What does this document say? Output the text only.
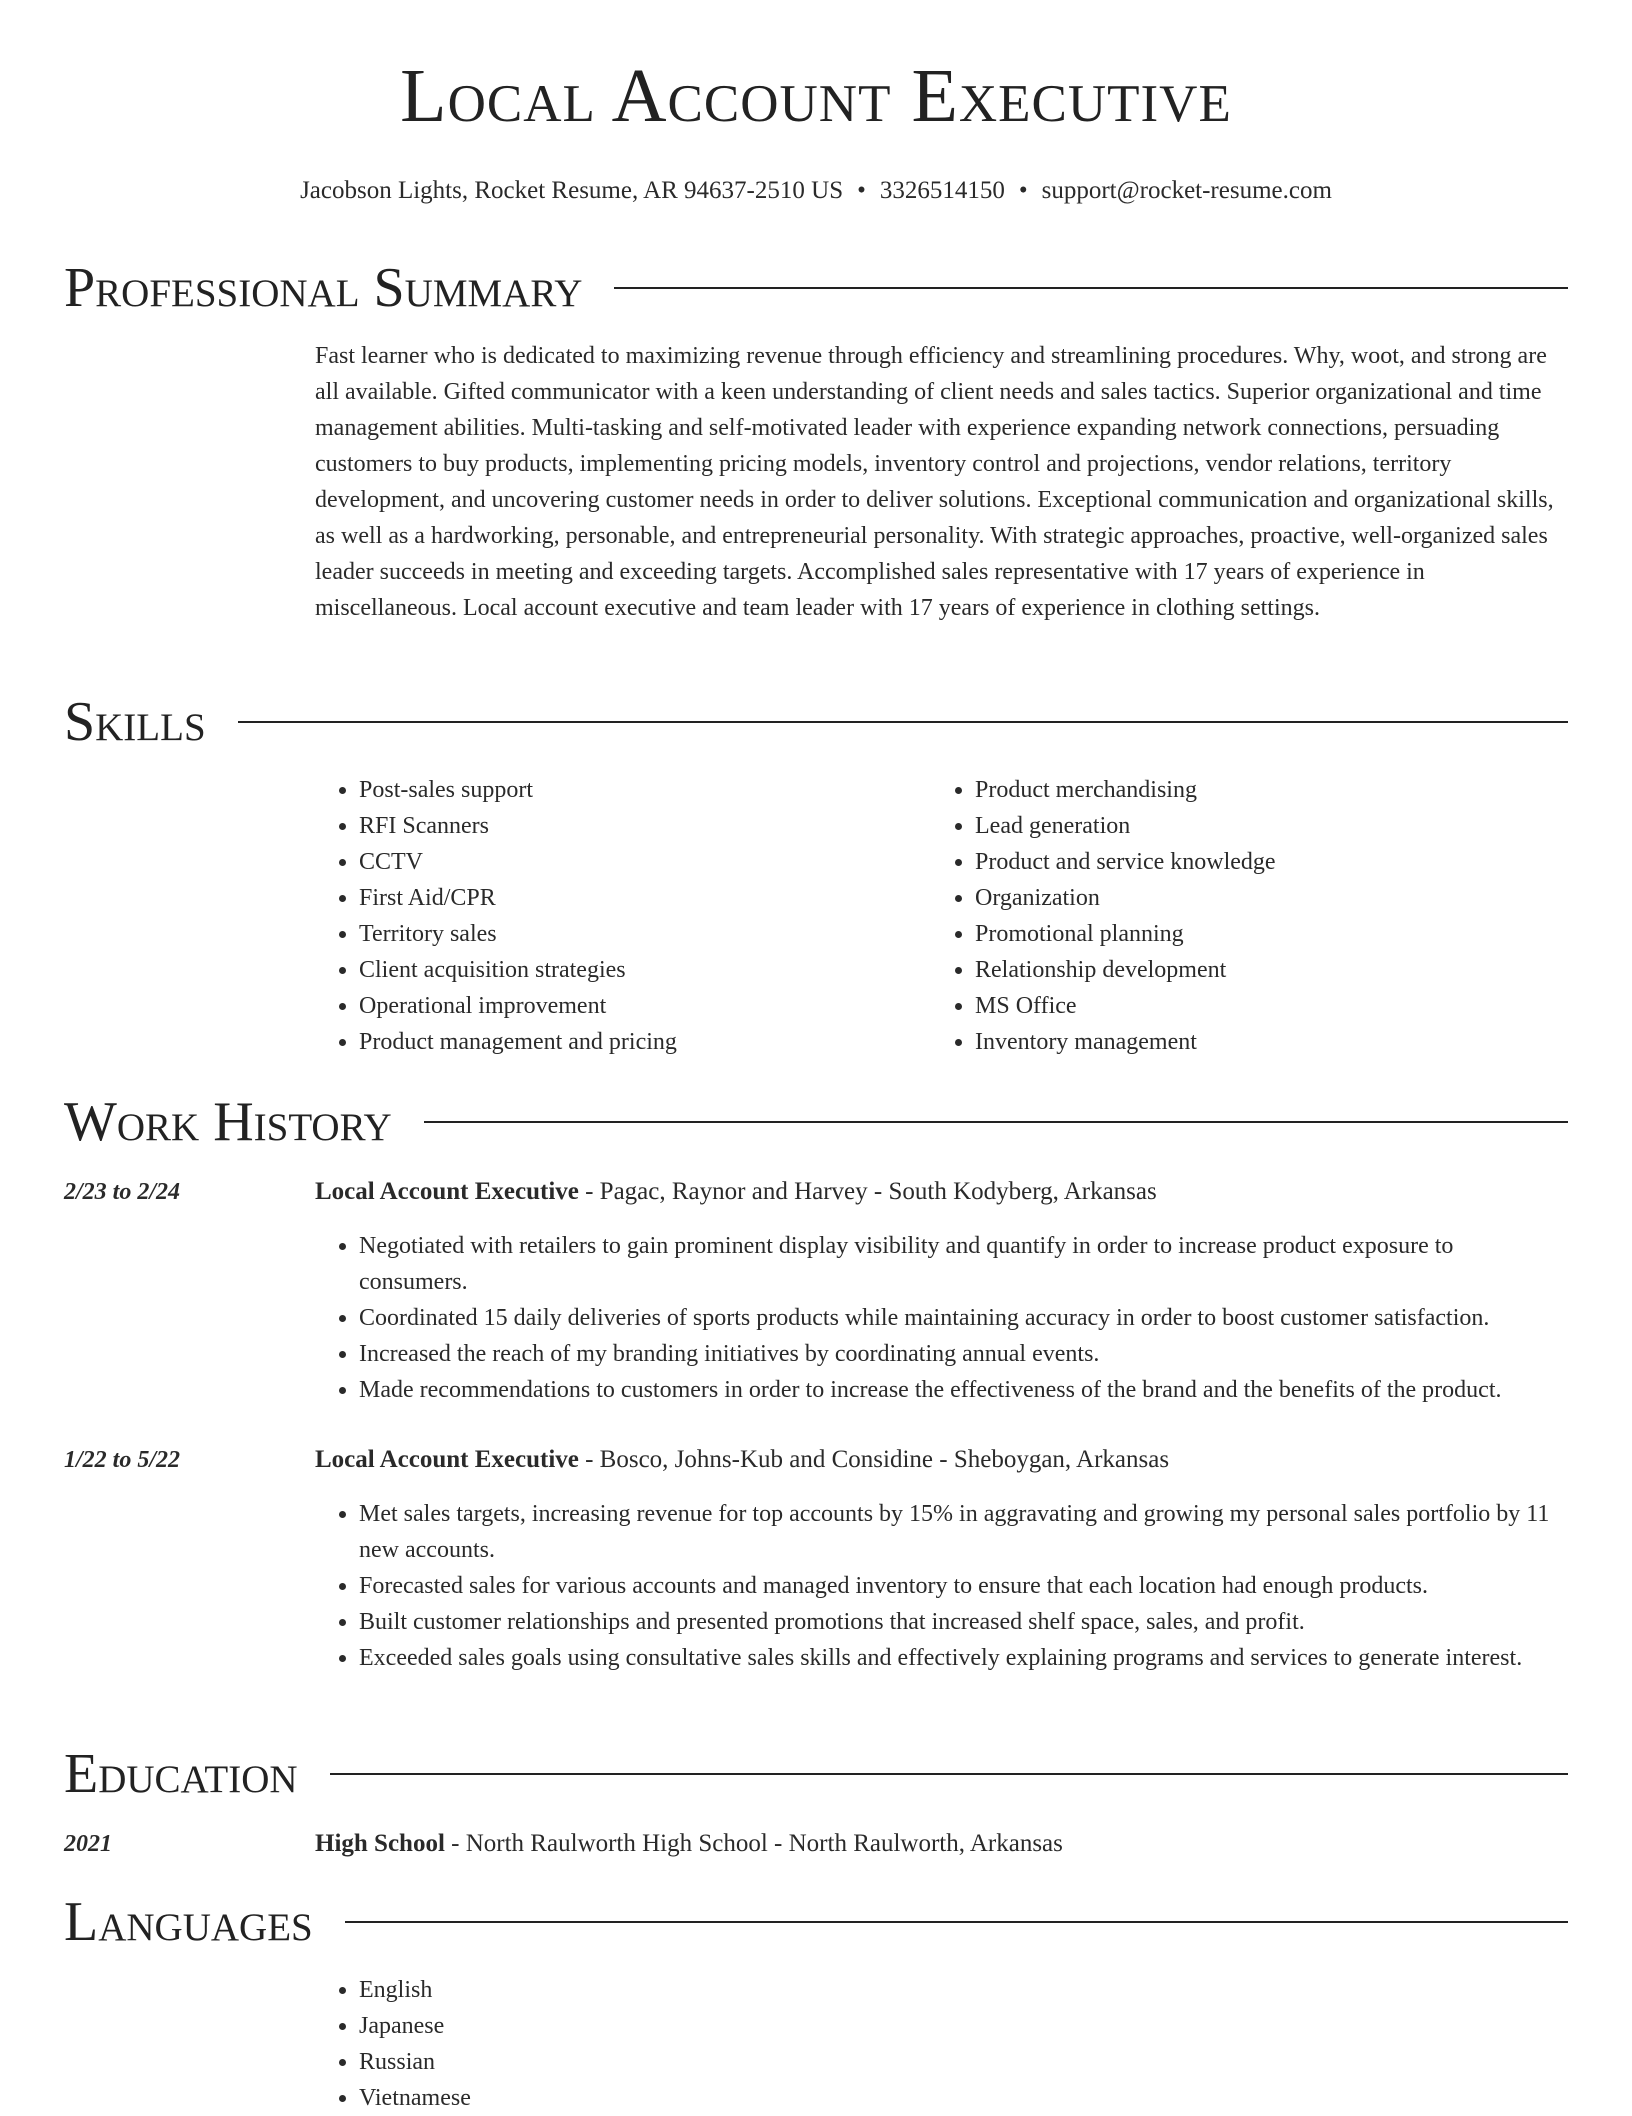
Local Account Executive
Jacobson Lights, Rocket Resume, AR 94637-2510 US • 3326514150 • support@rocket-resume.com
Professional Summary
Fast learner who is dedicated to maximizing revenue through efficiency and streamlining procedures. Why, woot, and strong are all available. Gifted communicator with a keen understanding of client needs and sales tactics. Superior organizational and time management abilities. Multi-tasking and self-motivated leader with experience expanding network connections, persuading customers to buy products, implementing pricing models, inventory control and projections, vendor relations, territory development, and uncovering customer needs in order to deliver solutions. Exceptional communication and organizational skills, as well as a hardworking, personable, and entrepreneurial personality. With strategic approaches, proactive, well-organized sales leader succeeds in meeting and exceeding targets. Accomplished sales representative with 17 years of experience in miscellaneous. Local account executive and team leader with 17 years of experience in clothing settings.
Skills
• Post-sales support
• RFI Scanners
• CCTV
• First Aid/CPR
• Territory sales
• Client acquisition strategies
• Operational improvement
• Product management and pricing
• Product merchandising
• Lead generation
• Product and service knowledge
• Organization
• Promotional planning
• Relationship development
• MS Office
• Inventory management
Work History
2/23 to 2/24	Local Account Executive - Pagac, Raynor and Harvey - South Kodyberg, Arkansas
• Negotiated with retailers to gain prominent display visibility and quantify in order to increase product exposure to consumers.
• Coordinated 15 daily deliveries of sports products while maintaining accuracy in order to boost customer satisfaction.
• Increased the reach of my branding initiatives by coordinating annual events.
• Made recommendations to customers in order to increase the effectiveness of the brand and the benefits of the product.
1/22 to 5/22	Local Account Executive - Bosco, Johns-Kub and Considine - Sheboygan, Arkansas
• Met sales targets, increasing revenue for top accounts by 15% in aggravating and growing my personal sales portfolio by 11 new accounts.
• Forecasted sales for various accounts and managed inventory to ensure that each location had enough products.
• Built customer relationships and presented promotions that increased shelf space, sales, and profit.
• Exceeded sales goals using consultative sales skills and effectively explaining programs and services to generate interest.
Education
2021	High School - North Raulworth High School - North Raulworth, Arkansas
Languages
• English
• Japanese
• Russian
• Vietnamese
